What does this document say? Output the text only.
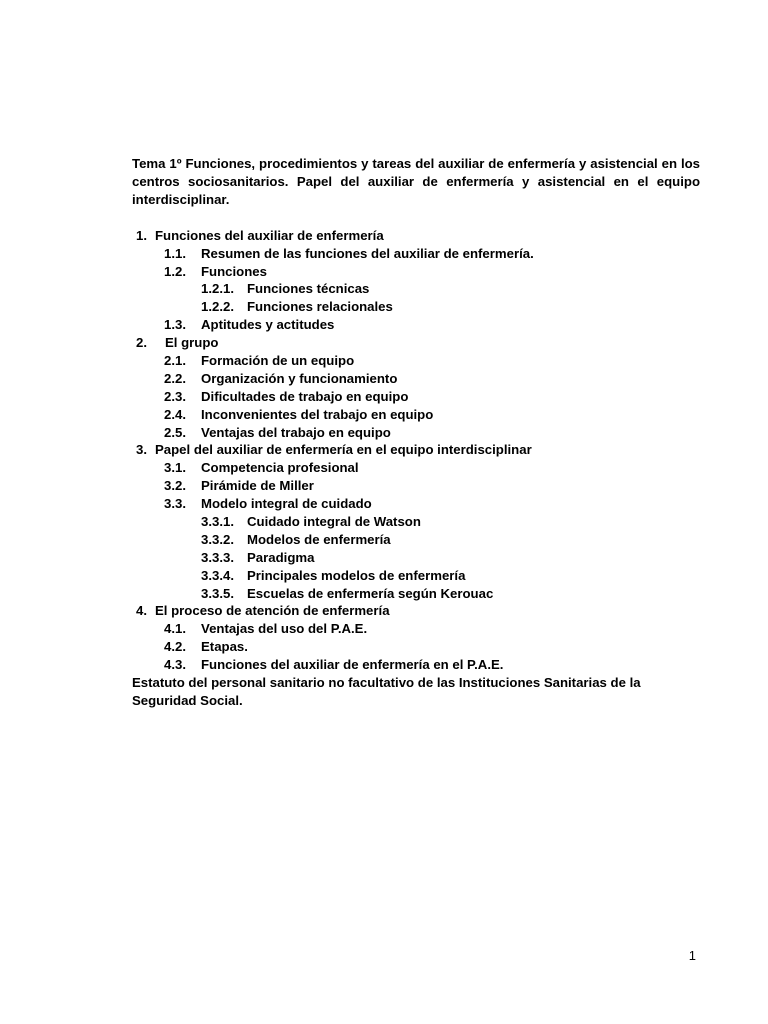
Tema 1º Funciones, procedimientos y tareas del auxiliar de enfermería y asistencial en los centros sociosanitarios. Papel del auxiliar de enfermería y asistencial en el equipo interdisciplinar.

1. Funciones del auxiliar de enfermería
1.1. Resumen de las funciones del auxiliar de enfermería.
1.2. Funciones
1.2.1. Funciones técnicas
1.2.2. Funciones relacionales
1.3. Aptitudes y actitudes
2. El grupo
2.1. Formación de un equipo
2.2. Organización y funcionamiento
2.3. Dificultades de trabajo en equipo
2.4. Inconvenientes del trabajo en equipo
2.5. Ventajas del trabajo en equipo
3. Papel del auxiliar de enfermería en el equipo interdisciplinar
3.1. Competencia profesional
3.2. Pirámide de Miller
3.3. Modelo integral de cuidado
3.3.1. Cuidado integral de Watson
3.3.2. Modelos de enfermería
3.3.3. Paradigma
3.3.4. Principales modelos de enfermería
3.3.5. Escuelas de enfermería según Kerouac
4. El proceso de atención de enfermería
4.1. Ventajas del uso del P.A.E.
4.2. Etapas.
4.3. Funciones del auxiliar de enfermería en el P.A.E.

Estatuto del personal sanitario no facultativo de las Instituciones Sanitarias de la Seguridad Social.

1
